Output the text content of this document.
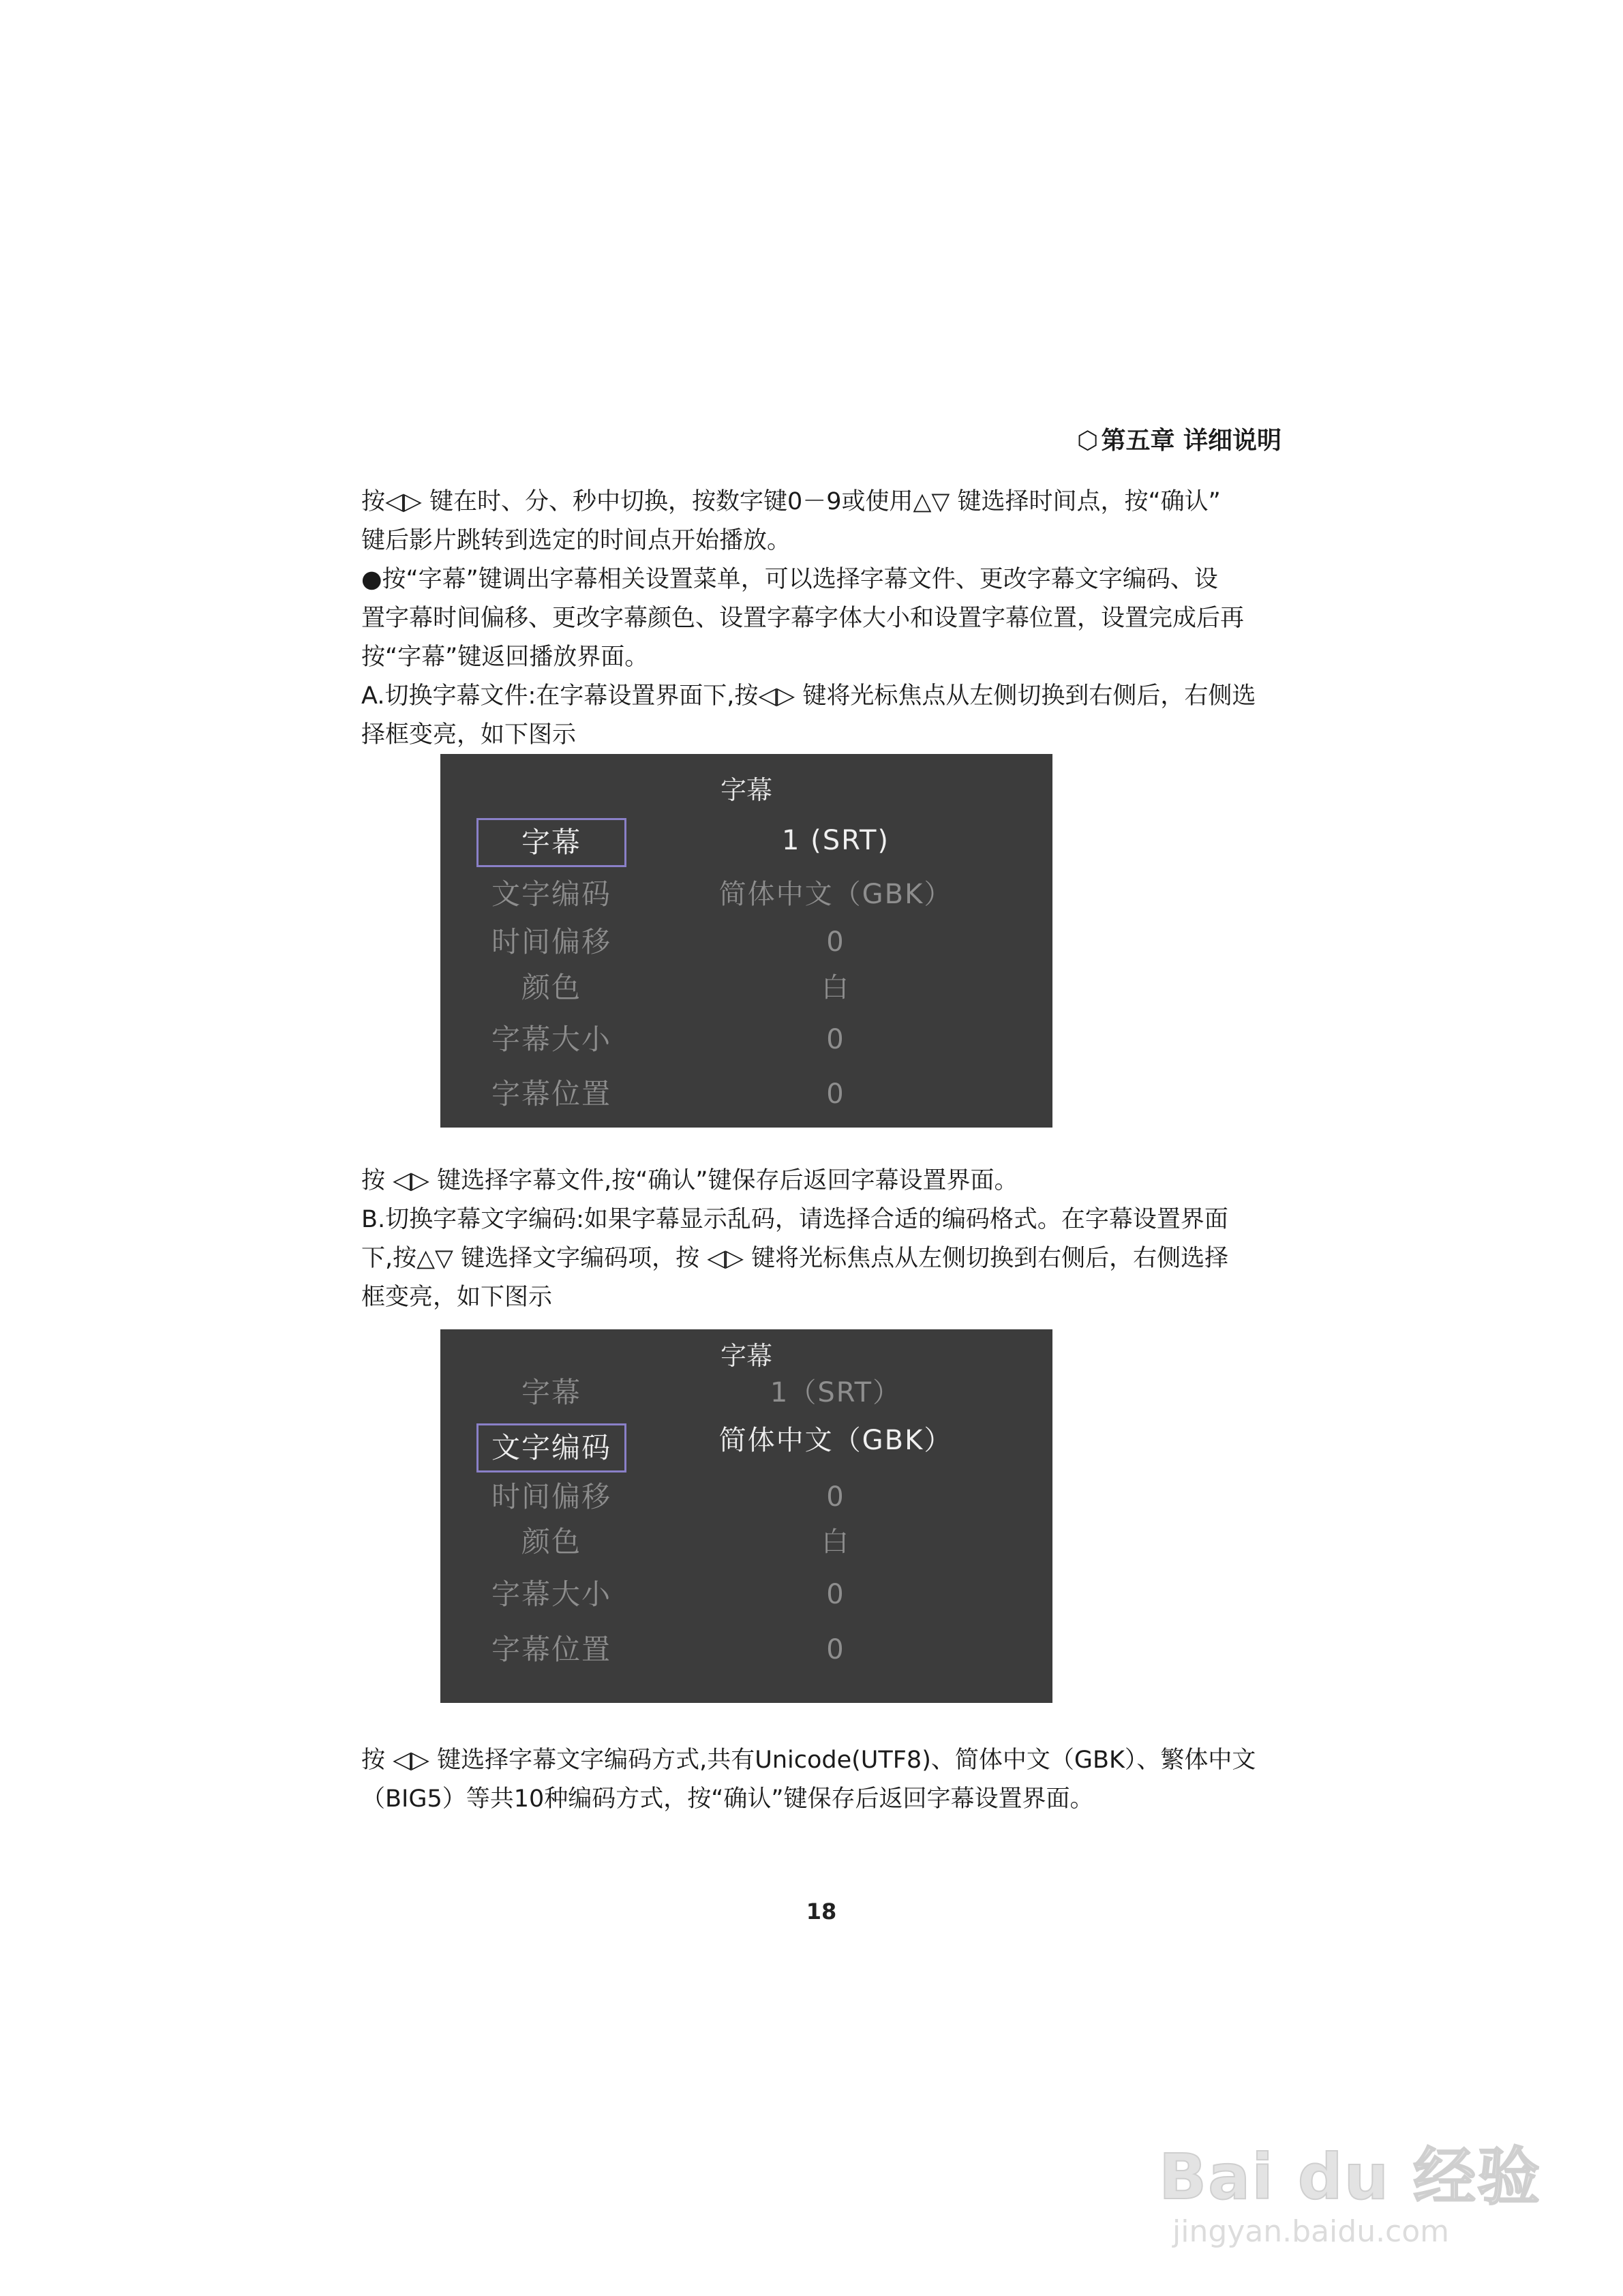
⬡ 第五章 详细说明
按◁▷ 键在时、分、秒中切换，按数字键0－9或使用△▽ 键选择时间点，按“确认”
键后影片跳转到选定的时间点开始播放。
●按“字幕”键调出字幕相关设置菜单，可以选择字幕文件、更改字幕文字编码、设
置字幕时间偏移、更改字幕颜色、设置字幕字体大小和设置字幕位置，设置完成后再
按“字幕”键返回播放界面。
A.切换字幕文件:在字幕设置界面下,按◁▷ 键将光标焦点从左侧切换到右侧后，右侧选
择框变亮，如下图示
字幕
字幕	1 (SRT)
文字编码	简体中文（GBK）
时间偏移	0
颜色	白
字幕大小	0
字幕位置	0
按 ◁▷ 键选择字幕文件,按“确认”键保存后返回字幕设置界面。
B.切换字幕文字编码:如果字幕显示乱码，请选择合适的编码格式。在字幕设置界面
下,按△▽ 键选择文字编码项，按 ◁▷ 键将光标焦点从左侧切换到右侧后，右侧选择
框变亮，如下图示
字幕
字幕	1（SRT）
文字编码	简体中文（GBK）
时间偏移	0
颜色	白
字幕大小	0
字幕位置	0
按 ◁▷ 键选择字幕文字编码方式,共有Unicode(UTF8)、简体中文（GBK）、繁体中文
（BIG5）等共10种编码方式，按“确认”键保存后返回字幕设置界面。
18
Bai du 经验
jingyan.baidu.com
